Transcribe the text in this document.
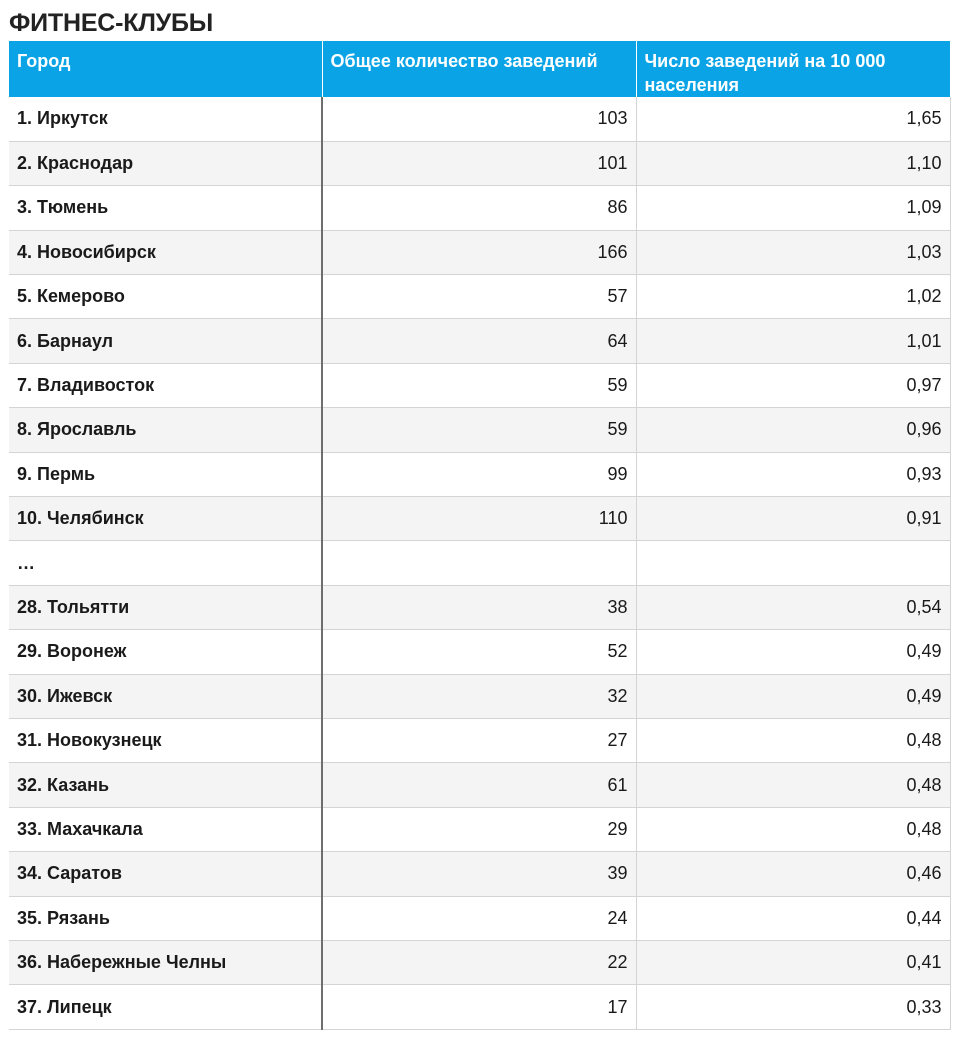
ФИТНЕС-КЛУБЫ
Город	Общее количество заведений	Число заведений на 10 000 населения
1. Иркутск	103	1,65
2. Краснодар	101	1,10
3. Тюмень	86	1,09
4. Новосибирск	166	1,03
5. Кемерово	57	1,02
6. Барнаул	64	1,01
7. Владивосток	59	0,97
8. Ярославль	59	0,96
9. Пермь	99	0,93
10. Челябинск	110	0,91
…		
28. Тольятти	38	0,54
29. Воронеж	52	0,49
30. Ижевск	32	0,49
31. Новокузнецк	27	0,48
32. Казань	61	0,48
33. Махачкала	29	0,48
34. Саратов	39	0,46
35. Рязань	24	0,44
36. Набережные Челны	22	0,41
37. Липецк	17	0,33
